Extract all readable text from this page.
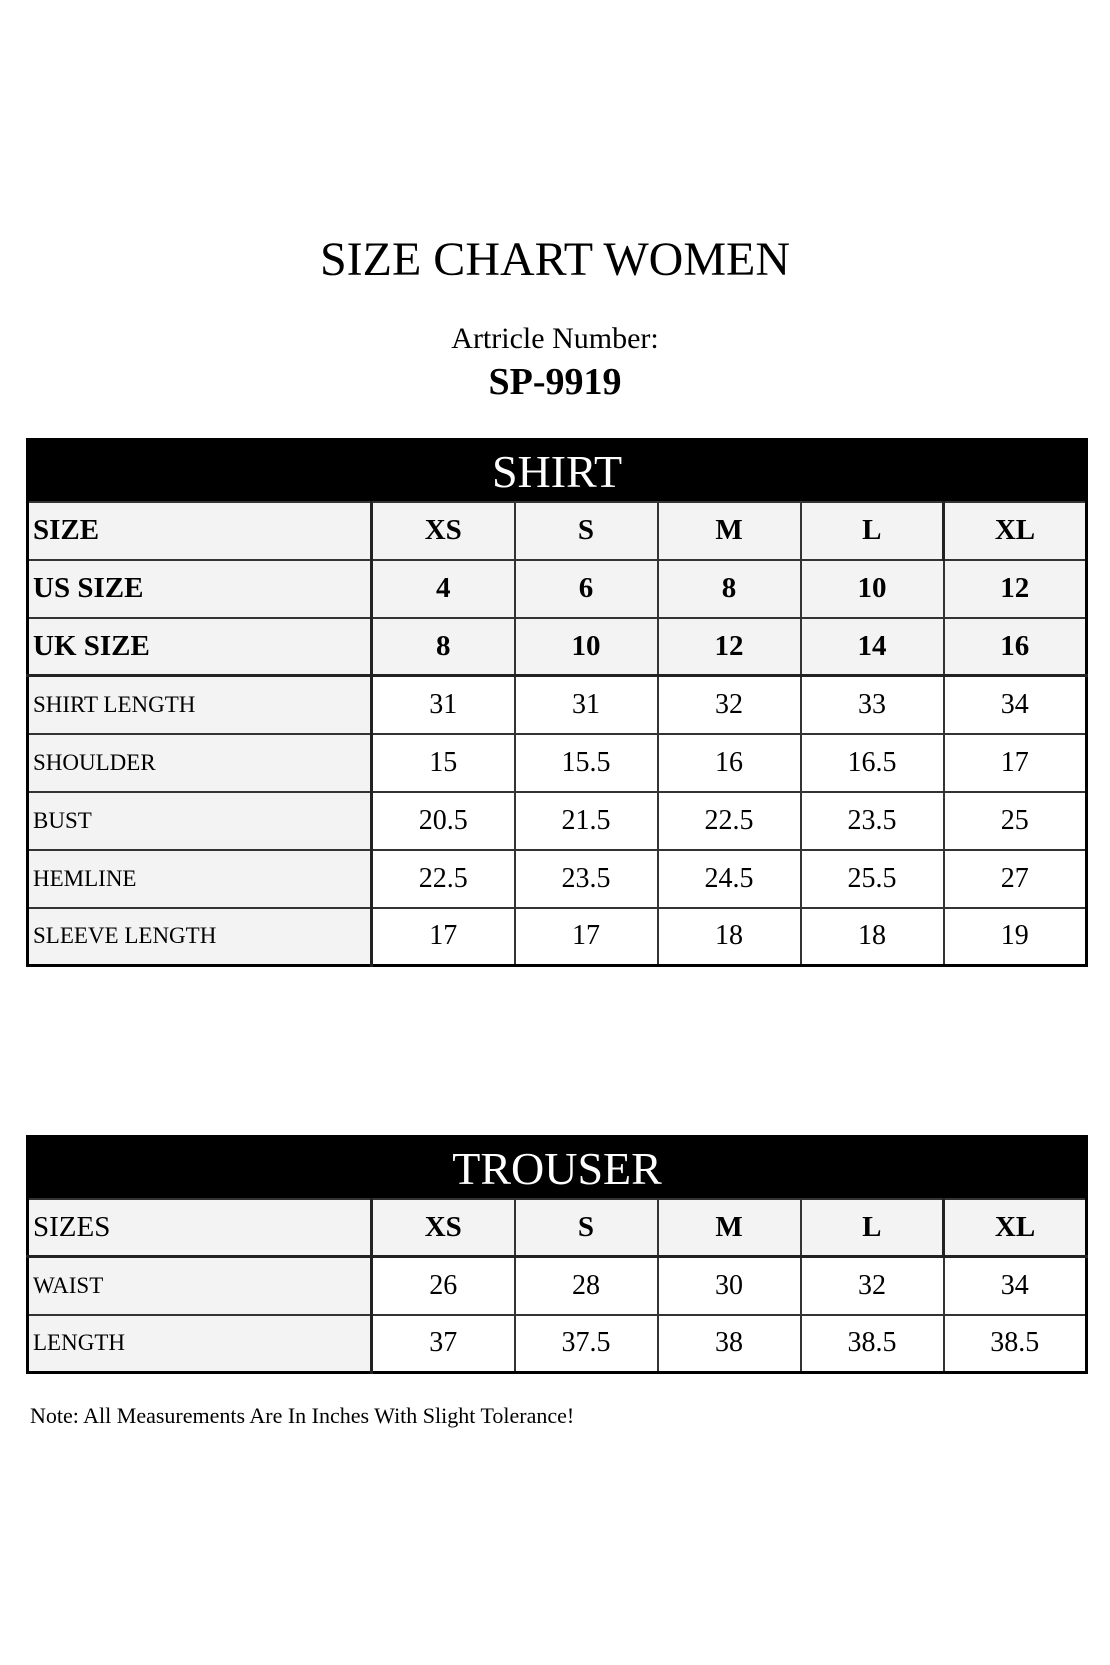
SIZE CHART WOMEN
Artricle Number:
SP-9919
SHIRT					
SIZE	XS	S	M	L	XL
US SIZE	4	6	8	10	12
UK SIZE	8	10	12	14	16
SHIRT LENGTH	31	31	32	33	34
SHOULDER	15	15.5	16	16.5	17
BUST	20.5	21.5	22.5	23.5	25
HEMLINE	22.5	23.5	24.5	25.5	27
SLEEVE LENGTH	17	17	18	18	19
TROUSER					
SIZES	XS	S	M	L	XL
WAIST	26	28	30	32	34
LENGTH	37	37.5	38	38.5	38.5
Note: All Measurements Are In Inches With Slight Tolerance!
